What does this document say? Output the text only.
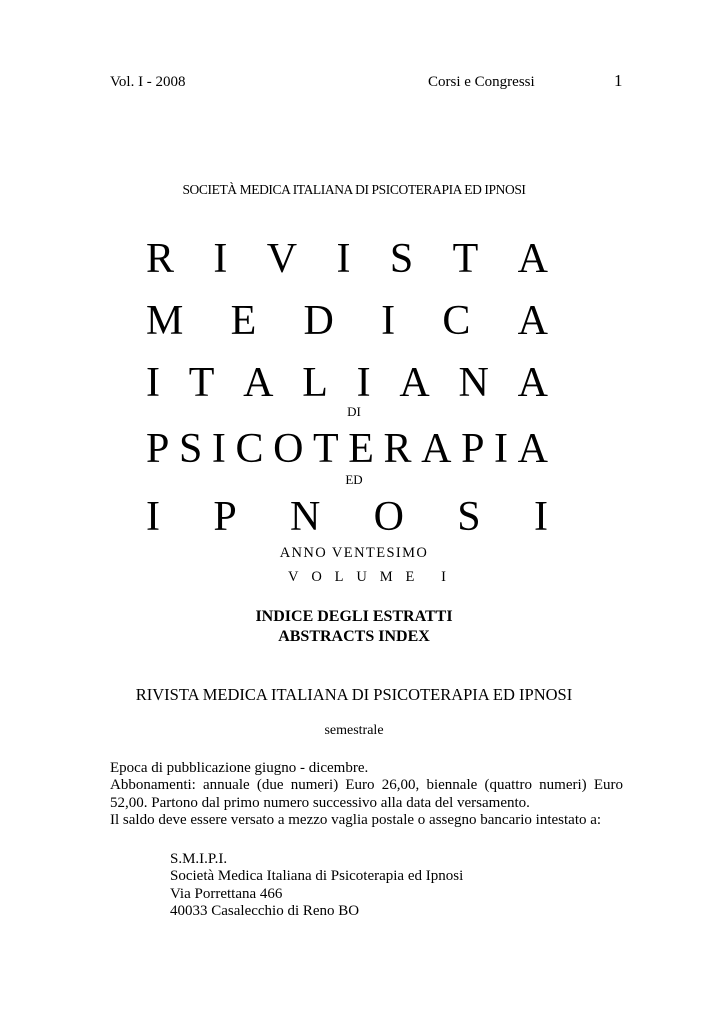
Vol. I - 2008	Corsi e Congressi	1
SOCIETÀ MEDICA ITALIANA DI PSICOTERAPIA ED IPNOSI
R I V I S T A
M E D I C A
I T A L I A N A
DI
P S I C O T E R A P I A
ED
I P N O S I
ANNO VENTESIMO
V O L U M E I
INDICE DEGLI ESTRATTI
ABSTRACTS INDEX
RIVISTA MEDICA ITALIANA DI PSICOTERAPIA ED IPNOSI
semestrale
Epoca di pubblicazione giugno - dicembre.
Abbonamenti: annuale (due numeri) Euro 26,00, biennale (quattro numeri) Euro
52,00. Partono dal primo numero successivo alla data del versamento.
Il saldo deve essere versato a mezzo vaglia postale o assegno bancario intestato a:
S.M.I.P.I.
Società Medica Italiana di Psicoterapia ed Ipnosi
Via Porrettana 466
40033 Casalecchio di Reno BO
